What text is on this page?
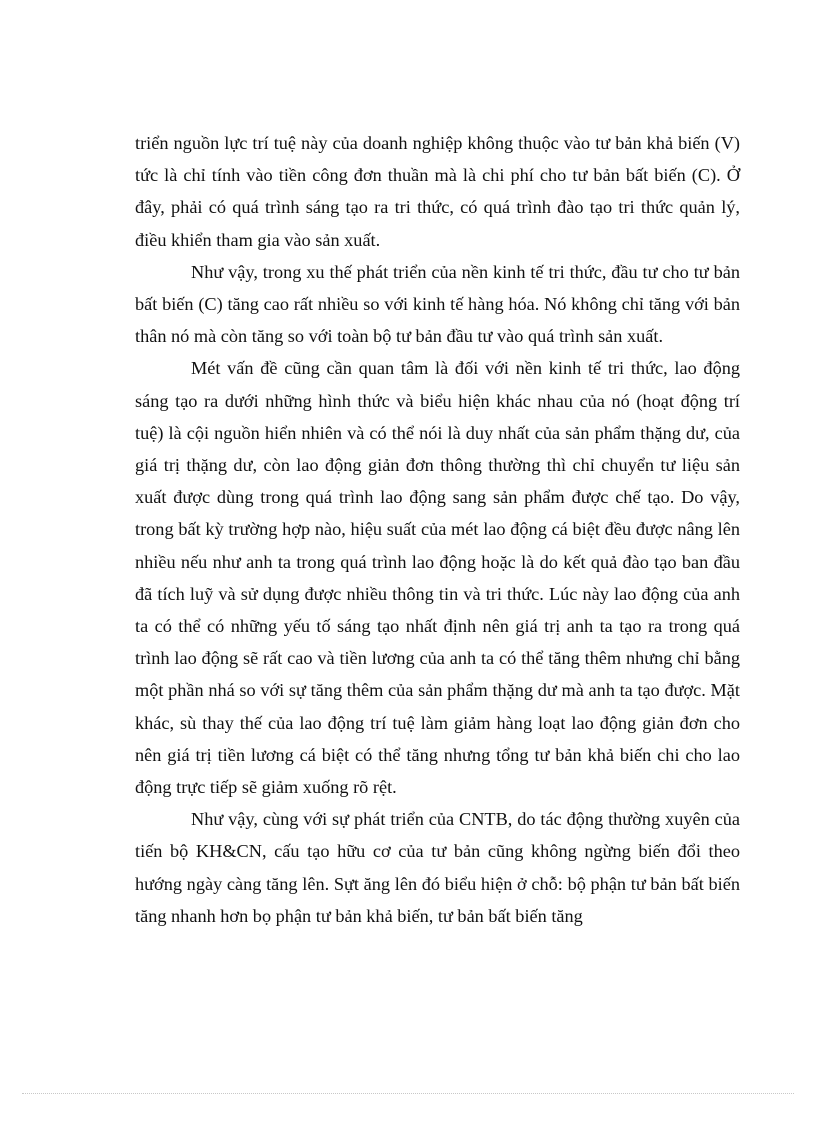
triển nguồn lực trí tuệ này của doanh nghiệp không thuộc vào tư bản khả biến (V) tức là chỉ tính vào tiền công đơn thuần mà là chi phí cho tư bản bất biến (C). Ở đây, phải có quá trình sáng tạo ra tri thức, có quá trình đào tạo tri thức quản lý, điều khiển tham gia vào sản xuất.

Như vậy, trong xu thế phát triển của nền kinh tế tri thức, đầu tư cho tư bản bất biến (C) tăng cao rất nhiều so với kinh tế hàng hóa. Nó không chỉ tăng với bản thân nó mà còn tăng so với toàn bộ tư bản đầu tư vào quá trình sản xuất.

Mét vấn đề cũng cần quan tâm là đối với nền kinh tế tri thức, lao động sáng tạo ra dưới những hình thức và biểu hiện khác nhau của nó (hoạt động trí tuệ) là cội nguồn hiển nhiên và có thể nói là duy nhất của sản phẩm thặng dư, của giá trị thặng dư, còn lao động giản đơn thông thường thì chỉ chuyển tư liệu sản xuất được dùng trong quá trình lao động sang sản phẩm được chế tạo. Do vậy, trong bất kỳ trường hợp nào, hiệu suất của mét lao động cá biệt đều được nâng lên nhiều nếu như anh ta trong quá trình lao động hoặc là do kết quả đào tạo ban đầu đã tích luỹ và sử dụng được nhiều thông tin và tri thức. Lúc này lao động của anh ta có thể có những yếu tố sáng tạo nhất định nên giá trị anh ta tạo ra trong quá trình lao động sẽ rất cao và tiền lương của anh ta có thể tăng thêm nhưng chỉ bằng một phần nhá so với sự tăng thêm của sản phẩm thặng dư mà anh ta tạo được. Mặt khác, sù thay thế của lao động trí tuệ làm giảm hàng loạt lao động giản đơn cho nên giá trị tiền lương cá biệt có thể tăng nhưng tổng tư bản khả biến chi cho lao động trực tiếp sẽ giảm xuống rõ rệt.

Như vậy, cùng với sự phát triển của CNTB, do tác động thường xuyên của tiến bộ KH&CN, cấu tạo hữu cơ của tư bản cũng không ngừng biến đổi theo hướng ngày càng tăng lên. Sựt ăng lên đó biểu hiện ở chỗ: bộ phận tư bản bất biến tăng nhanh hơn bọ phận tư bản khả biến, tư bản bất biến tăng
